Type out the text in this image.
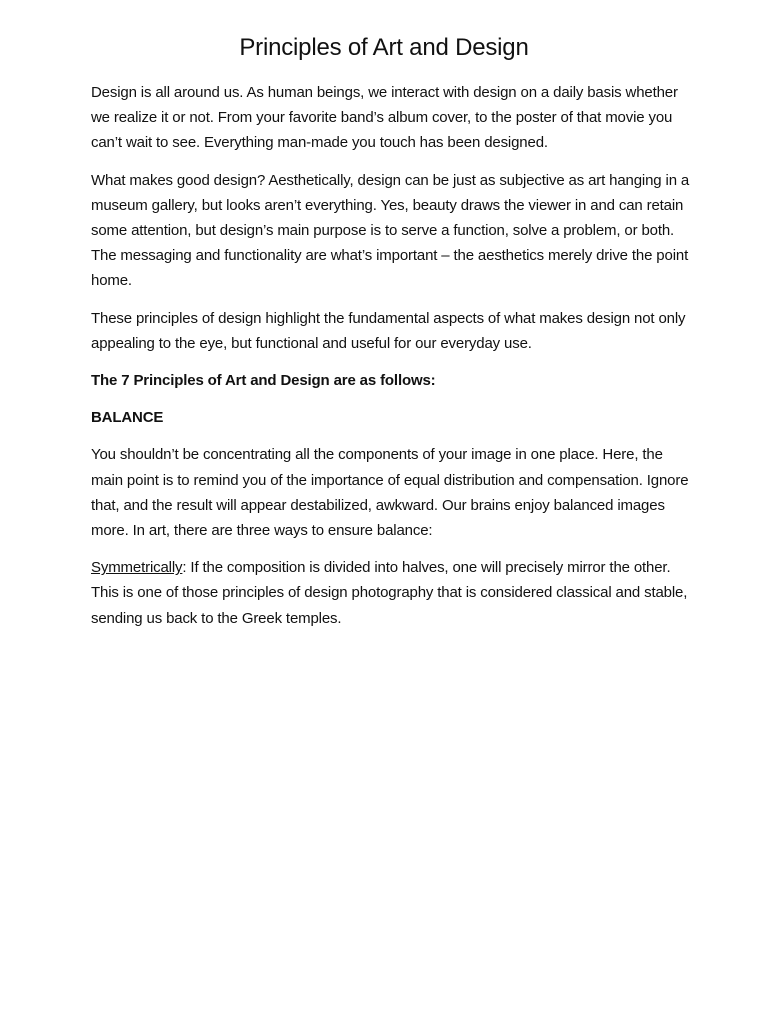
Principles of Art and Design

Design is all around us. As human beings, we interact with design on a daily basis whether we realize it or not. From your favorite band’s album cover, to the poster of that movie you can’t wait to see. Everything man-made you touch has been designed.

What makes good design? Aesthetically, design can be just as subjective as art hanging in a museum gallery, but looks aren’t everything. Yes, beauty draws the viewer in and can retain some attention, but design’s main purpose is to serve a function, solve a problem, or both. The messaging and functionality are what’s important – the aesthetics merely drive the point home.

These principles of design highlight the fundamental aspects of what makes design not only appealing to the eye, but functional and useful for our everyday use.

The 7 Principles of Art and Design are as follows:

BALANCE

You shouldn’t be concentrating all the components of your image in one place. Here, the main point is to remind you of the importance of equal distribution and compensation. Ignore that, and the result will appear destabilized, awkward. Our brains enjoy balanced images more. In art, there are three ways to ensure balance:

Symmetrically: If the composition is divided into halves, one will precisely mirror the other. This is one of those principles of design photography that is considered classical and stable, sending us back to the Greek temples.
